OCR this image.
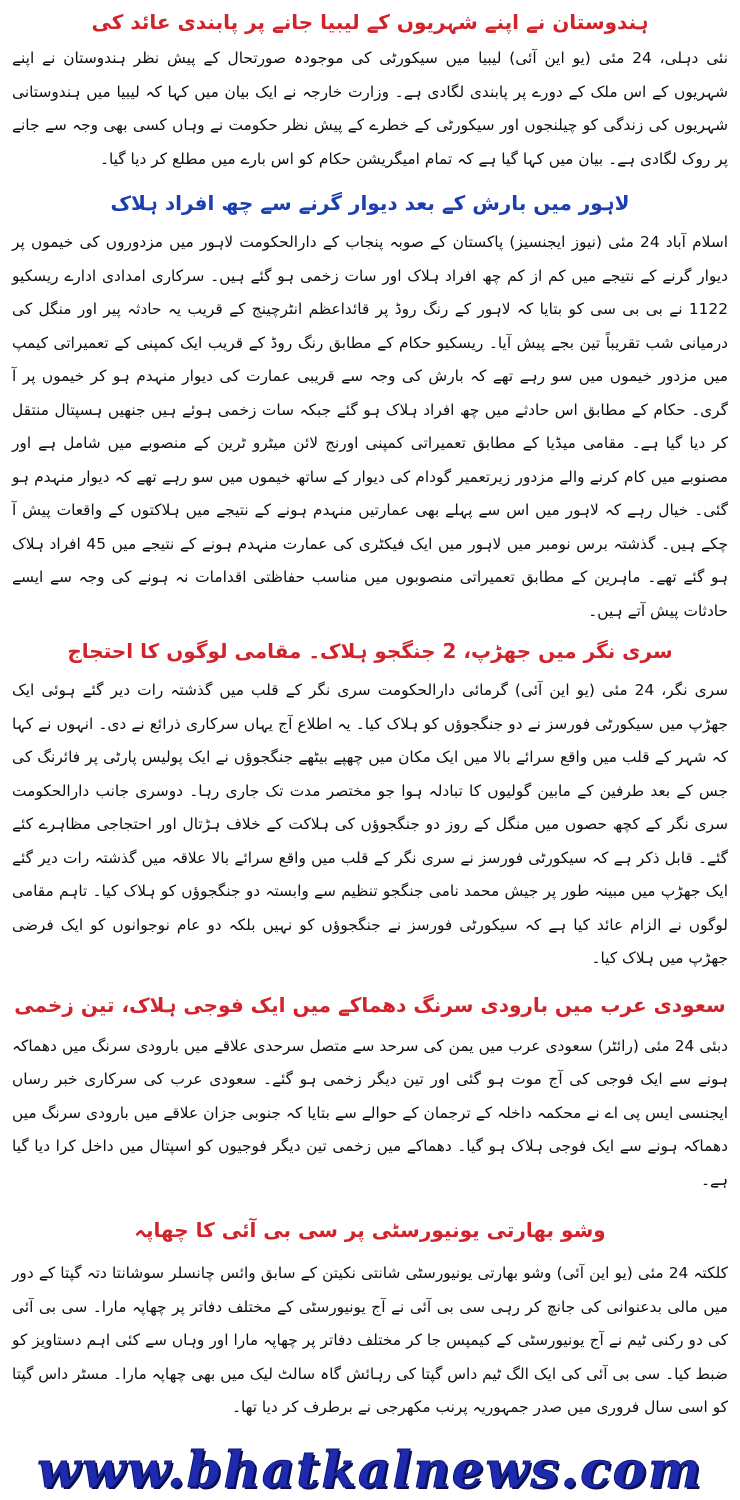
ہندوستان نے اپنے شہریوں کے لیبیا جانے پر پابندی عائد کی

نئی دہلی، 24 مئی (یو این آئی) لیبیا میں سیکورٹی کی موجودہ صورتحال کے پیش نظر ہندوستان نے اپنے شہریوں کے اس ملک کے دورے پر پابندی لگادی ہے۔ وزارت خارجہ نے ایک بیان میں کہا کہ لیبیا میں ہندوستانی شہریوں کی زندگی کو چیلنجوں اور سیکورٹی کے خطرے کے پیش نظر حکومت نے وہاں کسی بھی وجہ سے جانے پر روک لگادی ہے۔ بیان میں کہا گیا ہے کہ تمام امیگریشن حکام کو اس بارے میں مطلع کر دیا گیا۔

لاہور میں بارش کے بعد دیوار گرنے سے چھ افراد ہلاک

اسلام آباد 24 مئی (نیوز ایجنسیز) پاکستان کے صوبہ پنجاب کے دارالحکومت لاہور میں مزدوروں کی خیموں پر دیوار گرنے کے نتیجے میں کم از کم چھ افراد ہلاک اور سات زخمی ہو گئے ہیں۔ سرکاری امدادی ادارے ریسکیو 1122 نے بی بی سی کو بتایا کہ لاہور کے رنگ روڈ پر قائداعظم انٹرچینج کے قریب یہ حادثہ پیر اور منگل کی درمیانی شب تقریباً تین بجے پیش آیا۔ ریسکیو حکام کے مطابق رنگ روڈ کے قریب ایک کمپنی کے تعمیراتی کیمپ میں مزدور خیموں میں سو رہے تھے کہ بارش کی وجہ سے قریبی عمارت کی دیوار منہدم ہو کر خیموں پر آ گری۔ حکام کے مطابق اس حادثے میں چھ افراد ہلاک ہو گئے جبکہ سات زخمی ہوئے ہیں جنھیں ہسپتال منتقل کر دیا گیا ہے۔ مقامی میڈیا کے مطابق تعمیراتی کمپنی اورنج لائن میٹرو ٹرین کے منصوبے میں شامل ہے اور مصنوبے میں کام کرنے والے مزدور زیرتعمیر گودام کی دیوار کے ساتھ خیموں میں سو رہے تھے کہ دیوار منہدم ہو گئی۔ خیال رہے کہ لاہور میں اس سے پہلے بھی عمارتیں منہدم ہونے کے نتیجے میں ہلاکتوں کے واقعات پیش آ چکے ہیں۔ گذشتہ برس نومبر میں لاہور میں ایک فیکٹری کی عمارت منہدم ہونے کے نتیجے میں 45 افراد ہلاک ہو گئے تھے۔ ماہرین کے مطابق تعمیراتی منصوبوں میں مناسب حفاظتی اقدامات نہ ہونے کی وجہ سے ایسے حادثات پیش آتے ہیں۔

سری نگر میں جھڑپ، 2 جنگجو ہلاک۔ مقامی لوگوں کا احتجاج

سری نگر، 24 مئی (یو این آئی) گرمائی دارالحکومت سری نگر کے قلب میں گذشتہ رات دیر گئے ہوئی ایک جھڑپ میں سیکورٹی فورسز نے دو جنگجوؤں کو ہلاک کیا۔ یہ اطلاع آج یہاں سرکاری ذرائع نے دی۔ انہوں نے کہا کہ شہر کے قلب میں واقع سرائے بالا میں ایک مکان میں چھپے بیٹھے جنگجوؤں نے ایک پولیس پارٹی پر فائرنگ کی جس کے بعد طرفین کے مابین گولیوں کا تبادلہ ہوا جو مختصر مدت تک جاری رہا۔ دوسری جانب دارالحکومت سری نگر کے کچھ حصوں میں منگل کے روز دو جنگجوؤں کی ہلاکت کے خلاف ہڑتال اور احتجاجی مظاہرے کئے گئے۔ قابل ذکر ہے کہ سیکورٹی فورسز نے سری نگر کے قلب میں واقع سرائے بالا علاقہ میں گذشتہ رات دیر گئے ایک جھڑپ میں مبینہ طور پر جیش محمد نامی جنگجو تنظیم سے وابستہ دو جنگجوؤں کو ہلاک کیا۔ تاہم مقامی لوگوں نے الزام عائد کیا ہے کہ سیکورٹی فورسز نے جنگجوؤں کو نہیں بلکہ دو عام نوجوانوں کو ایک فرضی جھڑپ میں ہلاک کیا۔

سعودی عرب میں بارودی سرنگ دھماکے میں ایک فوجی ہلاک، تین زخمی

دبئی 24 مئی (رائٹر) سعودی عرب میں یمن کی سرحد سے متصل سرحدی علاقے میں بارودی سرنگ میں دھماکہ ہونے سے ایک فوجی کی آج موت ہو گئی اور تین دیگر زخمی ہو گئے۔ سعودی عرب کی سرکاری خبر رساں ایجنسی ایس پی اے نے محکمہ داخلہ کے ترجمان کے حوالے سے بتایا کہ جنوبی جزان علاقے میں بارودی سرنگ میں دھماکہ ہونے سے ایک فوجی ہلاک ہو گیا۔ دھماکے میں زخمی تین دیگر فوجیوں کو اسپتال میں داخل کرا دیا گیا ہے۔

وشو بھارتی یونیورسٹی پر سی بی آئی کا چھاپہ

کلکتہ 24 مئی (یو این آئی) وشو بھارتی یونیورسٹی شانتی نکیتن کے سابق وائس چانسلر سوشانتا دتہ گپتا کے دور میں مالی بدعنوانی کی جانچ کر رہی سی بی آئی نے آج یونیورسٹی کے مختلف دفاتر پر چھاپہ مارا۔ سی بی آئی کی دو رکنی ٹیم نے آج یونیورسٹی کے کیمپس جا کر مختلف دفاتر پر چھاپہ مارا اور وہاں سے کئی اہم دستاویز کو ضبط کیا۔ سی بی آئی کی ایک الگ ٹیم داس گپتا کی رہائش گاہ سالٹ لیک میں بھی چھاپہ مارا۔ مسٹر داس گپتا کو اسی سال فروری میں صدر جمہوریہ پرنب مکھرجی نے برطرف کر دیا تھا۔

www.bhatkalnews.com
